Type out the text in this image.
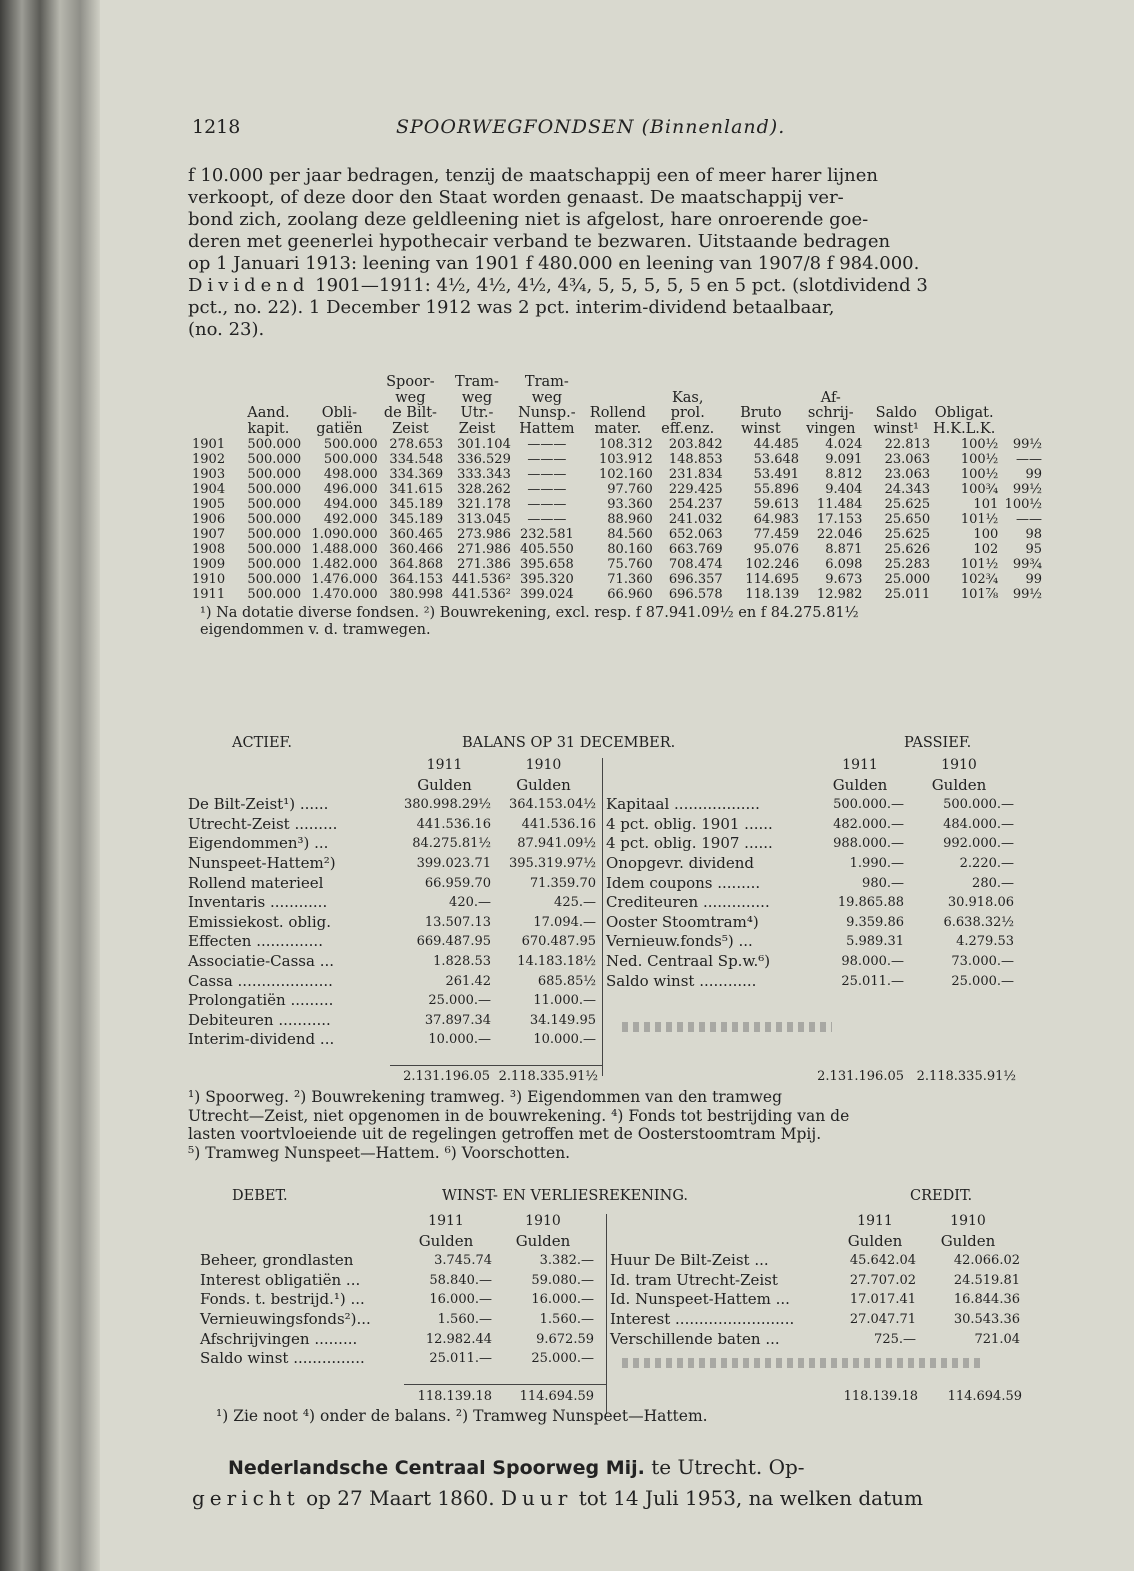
1218	SPOORWEGFONDSEN (Binnenland).
f 10.000 per jaar bedragen, tenzij de maatschappij een of meer harer lijnen
verkoopt, of deze door den Staat worden genaast. De maatschappij ver-
bond zich, zoolang deze geldleening niet is afgelost, hare onroerende goe-
deren met geenerlei hypothecair verband te bezwaren. Uitstaande bedragen
op 1 Januari 1913: leening van 1901 f 480.000 en leening van 1907/8 f 984.000.
Dividend 1901—1911: 4½, 4½, 4½, 4¾, 5, 5, 5, 5, 5 en 5 pct. (slotdividend 3
pct., no. 22). 1 December 1912 was 2 pct. interim-dividend betaalbaar,
(no. 23).
			Spoor-	Tram-	Tram-							
			weg	weg	weg		Kas,		Af-			
	Aand.	Obli-	de Bilt-	Utr.-	Nunsp.-	Rollend	prol.	Bruto	schrij-	Saldo	Obligat.	
	kapit.	gatiën	Zeist	Zeist	Hattem	mater.	eff.enz.	winst	vingen	winst¹	H.K.L.K.	
1901	500.000	500.000	278.653	301.104	———	108.312	203.842	44.485	4.024	22.813	100½	99½
1902	500.000	500.000	334.548	336.529	———	103.912	148.853	53.648	9.091	23.063	100½	——
1903	500.000	498.000	334.369	333.343	———	102.160	231.834	53.491	8.812	23.063	100½	99
1904	500.000	496.000	341.615	328.262	———	97.760	229.425	55.896	9.404	24.343	100¾	99½
1905	500.000	494.000	345.189	321.178	———	93.360	254.237	59.613	11.484	25.625	101	100½
1906	500.000	492.000	345.189	313.045	———	88.960	241.032	64.983	17.153	25.650	101½	——
1907	500.000	1.090.000	360.465	273.986	232.581	84.560	652.063	77.459	22.046	25.625	100	98
1908	500.000	1.488.000	360.466	271.986	405.550	80.160	663.769	95.076	8.871	25.626	102	95
1909	500.000	1.482.000	364.868	271.386	395.658	75.760	708.474	102.246	6.098	25.283	101½	99¾
1910	500.000	1.476.000	364.153	441.536²	395.320	71.360	696.357	114.695	9.673	25.000	102¾	99
1911	500.000	1.470.000	380.998	441.536²	399.024	66.960	696.578	118.139	12.982	25.011	101⅞	99½
¹) Na dotatie diverse fondsen. ²) Bouwrekening, excl. resp. f 87.941.09½ en f 84.275.81½
eigendommen v. d. tramwegen.
ACTIEF.	BALANS OP 31 DECEMBER.	PASSIEF.
	1911	1910
	Gulden	Gulden
De Bilt-Zeist¹) ......	380.998.29½	364.153.04½
Utrecht-Zeist .........	441.536.16	441.536.16
Eigendommen³) ...	84.275.81½	87.941.09½
Nunspeet-Hattem²)	399.023.71	395.319.97½
Rollend materieel	66.959.70	71.359.70
Inventaris ............	420.—	425.—
Emissiekost. oblig.	13.507.13	17.094.—
Effecten ..............	669.487.95	670.487.95
Associatie-Cassa ...	1.828.53	14.183.18½
Cassa ....................	261.42	685.85½
Prolongatiën .........	25.000.—	11.000.—
Debiteuren ...........	37.897.34	34.149.95
Interim-dividend ...	10.000.—	10.000.—
	1911	1910
	Gulden	Gulden
Kapitaal ..................	500.000.—	500.000.—
4 pct. oblig. 1901 ......	482.000.—	484.000.—
4 pct. oblig. 1907 ......	988.000.—	992.000.—
Onopgevr. dividend	1.990.—	2.220.—
Idem coupons .........	980.—	280.—
Crediteuren ..............	19.865.88	30.918.06
Ooster Stoomtram⁴)	9.359.86	6.638.32½
Vernieuw.fonds⁵) ...	5.989.31	4.279.53
Ned. Centraal Sp.w.⁶)	98.000.—	73.000.—
Saldo winst ............	25.011.—	25.000.—
2.131.196.05 2.118.335.91½	2.131.196.05 2.118.335.91½
¹) Spoorweg. ²) Bouwrekening tramweg. ³) Eigendommen van den tramweg
Utrecht—Zeist, niet opgenomen in de bouwrekening. ⁴) Fonds tot bestrijding van de
lasten voortvloeiende uit de regelingen getroffen met de Oosterstoomtram Mpij.
⁵) Tramweg Nunspeet—Hattem. ⁶) Voorschotten.
DEBET.	WINST- EN VERLIESREKENING.	CREDIT.
	1911	1910
	Gulden	Gulden
Beheer, grondlasten	3.745.74	3.382.—
Interest obligatiën ...	58.840.—	59.080.—
Fonds. t. bestrijd.¹) ...	16.000.—	16.000.—
Vernieuwingsfonds²)...	1.560.—	1.560.—
Afschrijvingen .........	12.982.44	9.672.59
Saldo winst ...............	25.011.—	25.000.—
	1911	1910
	Gulden	Gulden
Huur De Bilt-Zeist ...	45.642.04	42.066.02
Id. tram Utrecht-Zeist	27.707.02	24.519.81
Id. Nunspeet-Hattem ...	17.017.41	16.844.36
Interest .........................	27.047.71	30.543.36
Verschillende baten ...	725.—	721.04
118.139.18 114.694.59	118.139.18 114.694.59
¹) Zie noot ⁴) onder de balans. ²) Tramweg Nunspeet—Hattem.
Nederlandsche Centraal Spoorweg Mij. te Utrecht. Op-
gericht op 27 Maart 1860. Duur tot 14 Juli 1953, na welken datum
